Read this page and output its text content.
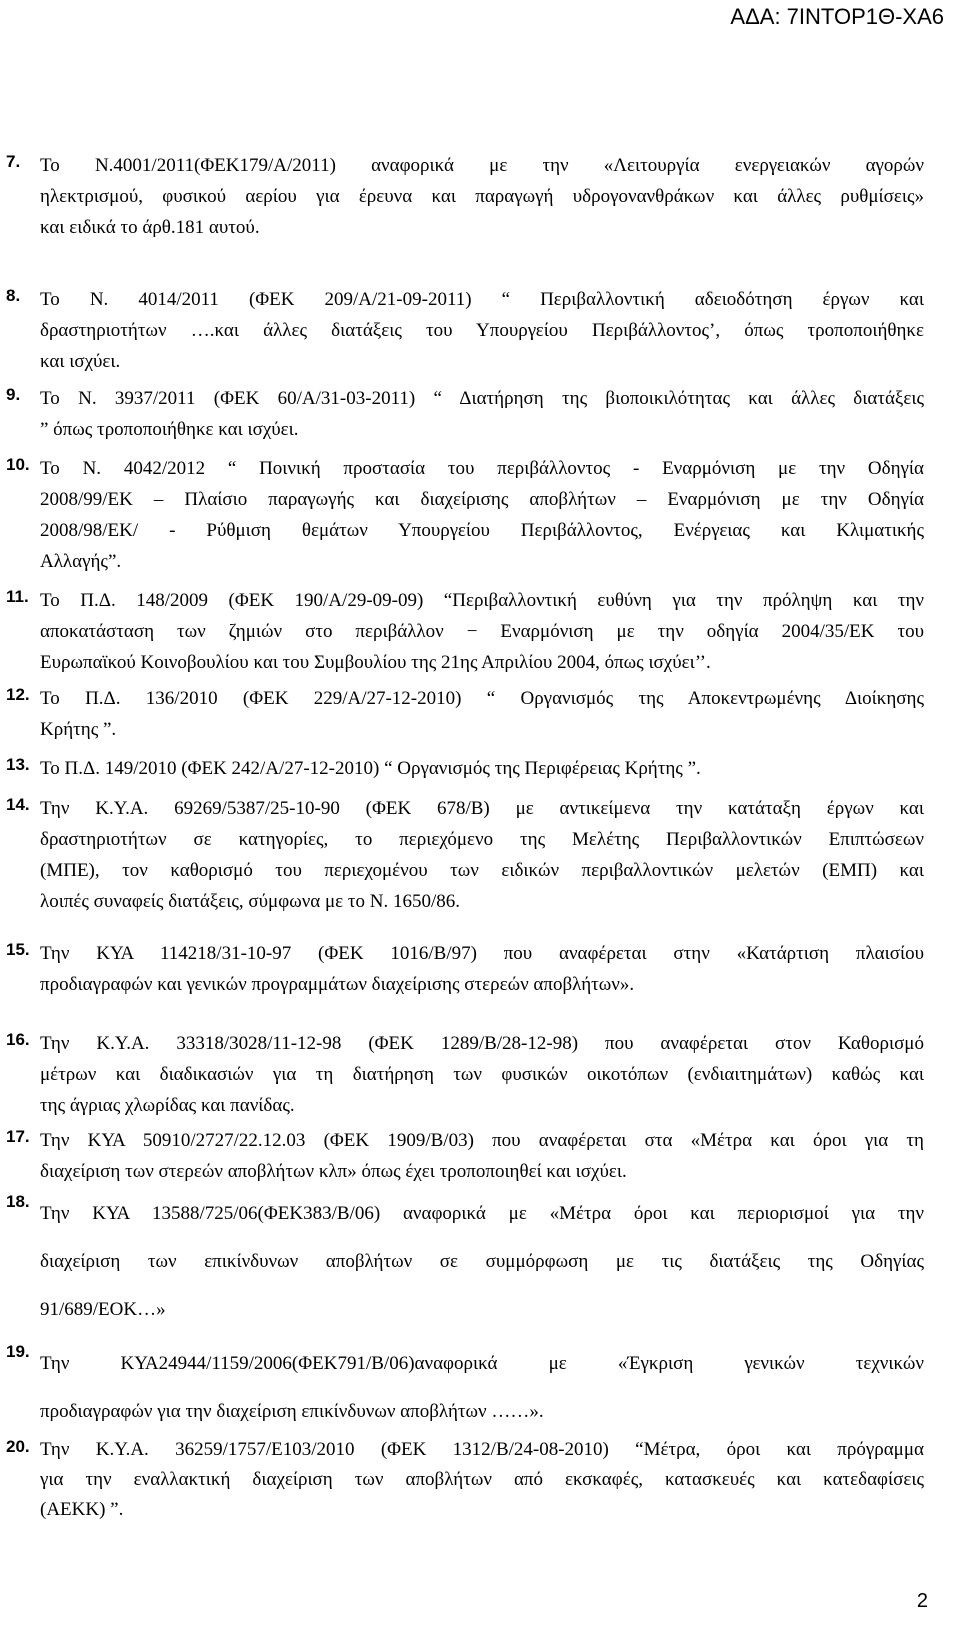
ΑΔΑ: 7ΙΝΤΟΡ1Θ-ΧΑ6
7. Το Ν.4001/2011(ΦΕΚ179/Α/2011) αναφορικά με την «Λειτουργία ενεργειακών αγορών
ηλεκτρισμού, φυσικού αερίου για έρευνα και παραγωγή υδρογονανθράκων και άλλες ρυθμίσεις»
και ειδικά το άρθ.181 αυτού.
8. Το Ν. 4014/2011 (ΦΕΚ 209/Α/21-09-2011) “ Περιβαλλοντική αδειοδότηση έργων και
δραστηριοτήτων ….και άλλες διατάξεις του Υπουργείου Περιβάλλοντος’, όπως τροποποιήθηκε
και ισχύει.
9. Το Ν. 3937/2011 (ΦΕΚ 60/Α/31-03-2011) “ Διατήρηση της βιοποικιλότητας και άλλες διατάξεις
” όπως τροποποιήθηκε και ισχύει.
10. Το Ν. 4042/2012 “ Ποινική προστασία του περιβάλλοντος - Εναρμόνιση με την Οδηγία
2008/99/ΕΚ – Πλαίσιο παραγωγής και διαχείρισης αποβλήτων – Εναρμόνιση με την Οδηγία
2008/98/ΕΚ/ - Ρύθμιση θεμάτων Υπουργείου Περιβάλλοντος, Ενέργειας και Κλιματικής
Αλλαγής”.
11. Το Π.Δ. 148/2009 (ΦΕΚ 190/Α/29-09-09) “Περιβαλλοντική ευθύνη για την πρόληψη και την
αποκατάσταση των ζημιών στο περιβάλλον − Εναρμόνιση με την οδηγία 2004/35/ΕΚ του
Ευρωπαϊκού Κοινοβουλίου και του Συμβουλίου της 21ης Απριλίου 2004, όπως ισχύει’’.
12. Το Π.Δ. 136/2010 (ΦΕΚ 229/Α/27-12-2010) “ Οργανισμός της Αποκεντρωμένης Διοίκησης
Κρήτης ”.
13. Το Π.Δ. 149/2010 (ΦΕΚ 242/Α/27-12-2010) “ Οργανισμός της Περιφέρειας Κρήτης ”.
14. Την Κ.Υ.Α. 69269/5387/25-10-90 (ΦΕΚ 678/Β) με αντικείμενα την κατάταξη έργων και
δραστηριοτήτων σε κατηγορίες, το περιεχόμενο της Μελέτης Περιβαλλοντικών Επιπτώσεων
(ΜΠΕ), τον καθορισμό του περιεχομένου των ειδικών περιβαλλοντικών μελετών (ΕΜΠ) και
λοιπές συναφείς διατάξεις, σύμφωνα με το Ν. 1650/86.
15. Την ΚΥΑ 114218/31-10-97 (ΦΕΚ 1016/Β/97) που αναφέρεται στην «Κατάρτιση πλαισίου
προδιαγραφών και γενικών προγραμμάτων διαχείρισης στερεών αποβλήτων».
16. Την Κ.Υ.Α. 33318/3028/11-12-98 (ΦΕΚ 1289/Β/28-12-98) που αναφέρεται στον Καθορισμό
μέτρων και διαδικασιών για τη διατήρηση των φυσικών οικοτόπων (ενδιαιτημάτων) καθώς και
της άγριας χλωρίδας και πανίδας.
17. Την ΚΥΑ 50910/2727/22.12.03 (ΦΕΚ 1909/Β/03) που αναφέρεται στα «Μέτρα και όροι για τη
διαχείριση των στερεών αποβλήτων κλπ» όπως έχει τροποποιηθεί και ισχύει.
18.
Την ΚΥΑ 13588/725/06(ΦΕΚ383/Β/06) αναφορικά με «Μέτρα όροι και περιορισμοί για την
διαχείριση των επικίνδυνων αποβλήτων σε συμμόρφωση με τις διατάξεις της Οδηγίας
91/689/ΕΟΚ…»
19.
Την ΚΥΑ24944/1159/2006(ΦΕΚ791/Β/06)αναφορικά με «Έγκριση γενικών τεχνικών
προδιαγραφών για την διαχείριση επικίνδυνων αποβλήτων ……».
20. Την Κ.Υ.Α. 36259/1757/Ε103/2010 (ΦΕΚ 1312/Β/24-08-2010) “Μέτρα, όροι και πρόγραμμα
για την εναλλακτική διαχείριση των αποβλήτων από εκσκαφές, κατασκευές και κατεδαφίσεις
(ΑΕΚΚ) ”.
2
